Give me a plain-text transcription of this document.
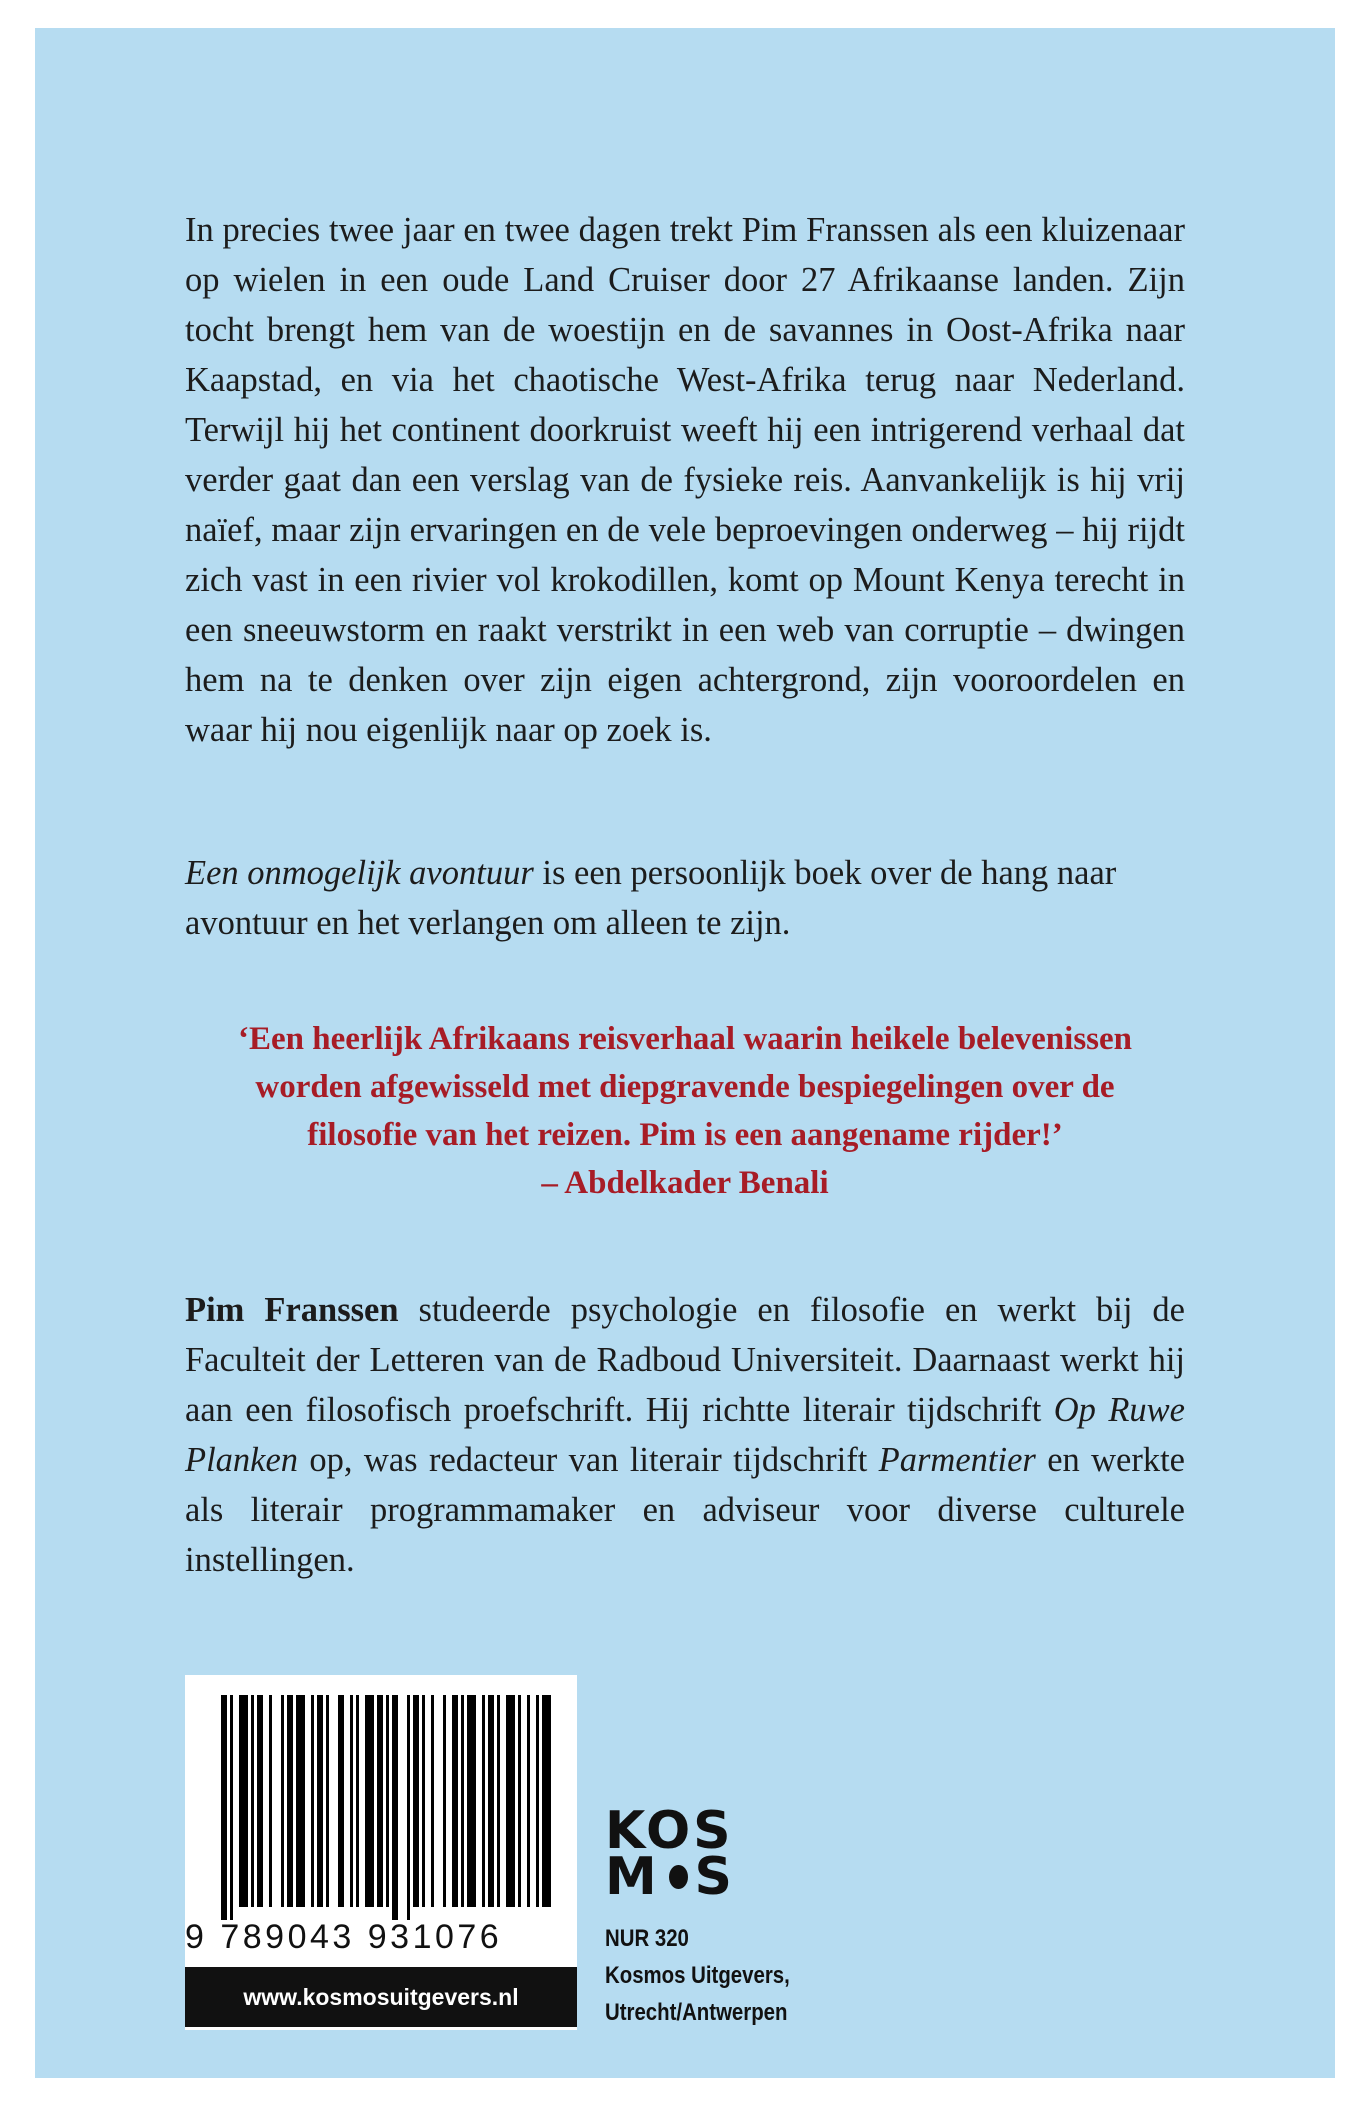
In precies twee jaar en twee dagen trekt Pim Franssen als een kluizenaar op wielen in een oude Land Cruiser door 27 Afrikaanse landen. Zijn tocht brengt hem van de woestijn en de savannes in Oost-Afrika naar Kaapstad, en via het chaotische West-Afrika terug naar Nederland. Terwijl hij het continent doorkruist weeft hij een intrigerend verhaal dat verder gaat dan een verslag van de fysieke reis. Aanvankelijk is hij vrij naïef, maar zijn ervaringen en de vele beproevingen onderweg – hij rijdt zich vast in een rivier vol krokodillen, komt op Mount Kenya terecht in een sneeuwstorm en raakt verstrikt in een web van corruptie – dwingen hem na te denken over zijn eigen achtergrond, zijn vooroordelen en waar hij nou eigenlijk naar op zoek is.

Een onmogelijk avontuur is een persoonlijk boek over de hang naar avontuur en het verlangen om alleen te zijn.

‘Een heerlijk Afrikaans reisverhaal waarin heikele belevenissen
worden afgewisseld met diepgravende bespiegelingen over de
filosofie van het reizen. Pim is een aangename rijder!’
– Abdelkader Benali

Pim Franssen studeerde psychologie en filosofie en werkt bij de Faculteit der Letteren van de Radboud Universiteit. Daarnaast werkt hij aan een filosofisch proefschrift. Hij richtte literair tijdschrift Op Ruwe Planken op, was redacteur van literair tijdschrift Parmentier en werkte als literair programmamaker en adviseur voor diverse culturele instellingen.

9 789043 931076
www.kosmosuitgevers.nl
KOS
M S
NUR 320
Kosmos Uitgevers,
Utrecht/Antwerpen
